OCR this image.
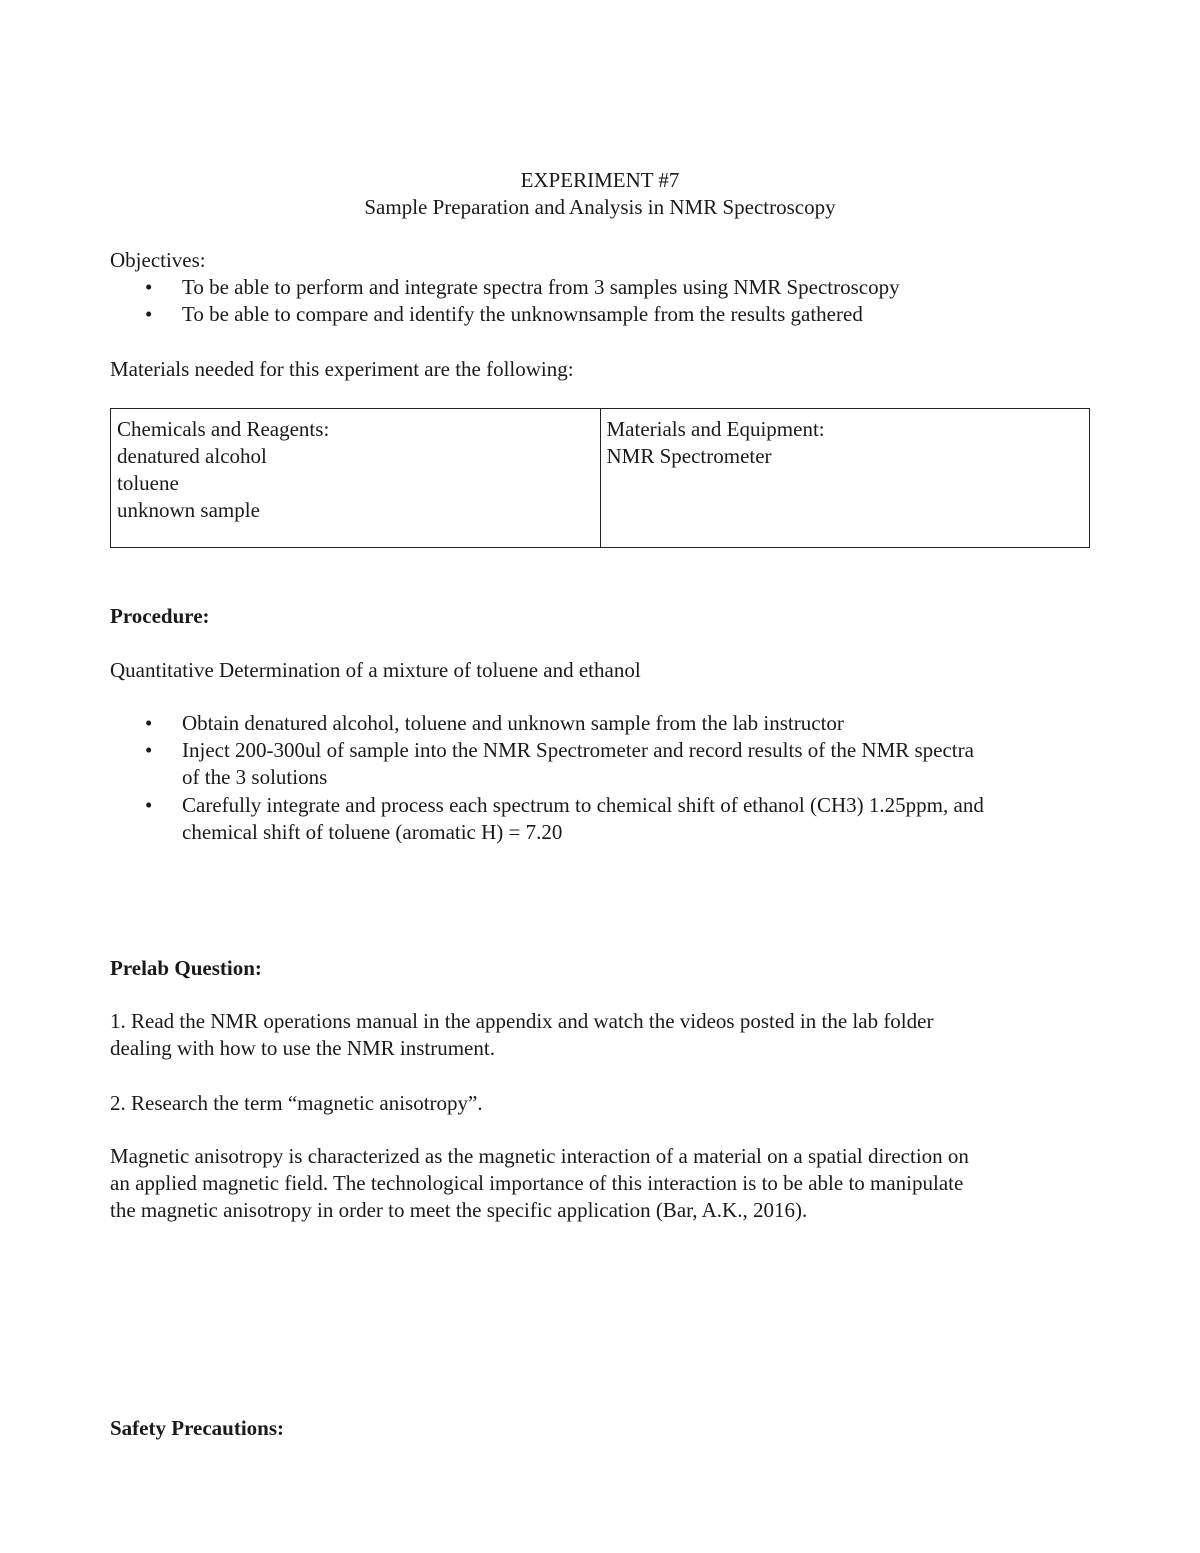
EXPERIMENT #7
Sample Preparation and Analysis in NMR Spectroscopy
Objectives:
• To be able to perform and integrate spectra from 3 samples using NMR Spectroscopy
• To be able to compare and identify the unknownsample from the results gathered
Materials needed for this experiment are the following:
Chemicals and Reagents:
denatured alcohol
toluene
unknown sample

Materials and Equipment:
NMR Spectrometer
Procedure:
Quantitative Determination of a mixture of toluene and ethanol
• Obtain denatured alcohol, toluene and unknown sample from the lab instructor
• Inject 200-300ul of sample into the NMR Spectrometer and record results of the NMR spectra
of the 3 solutions
• Carefully integrate and process each spectrum to chemical shift of ethanol (CH3) 1.25ppm, and
chemical shift of toluene (aromatic H) = 7.20
Prelab Question:
1. Read the NMR operations manual in the appendix and watch the videos posted in the lab folder
dealing with how to use the NMR instrument.
2. Research the term “magnetic anisotropy”.
Magnetic anisotropy is characterized as the magnetic interaction of a material on a spatial direction on
an applied magnetic field. The technological importance of this interaction is to be able to manipulate
the magnetic anisotropy in order to meet the specific application (Bar, A.K., 2016).
Safety Precautions:
